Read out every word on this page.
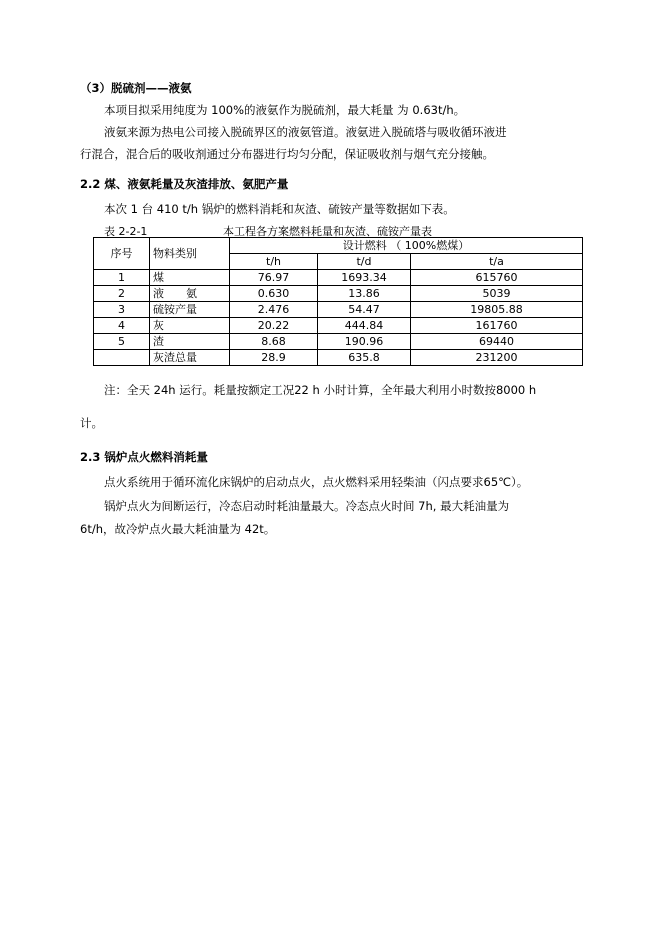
（3）脱硫剂——液氨
本项目拟采用纯度为 100%的液氨作为脱硫剂，最大耗量 为 0.63t/h。
液氨来源为热电公司接入脱硫界区的液氨管道。液氨进入脱硫塔与吸收循环液进
行混合，混合后的吸收剂通过分布器进行均匀分配，保证吸收剂与烟气充分接触。
2.2 煤、液氨耗量及灰渣排放、氨肥产量
本次 1 台 410 t/h 锅炉的燃料消耗和灰渣、硫铵产量等数据如下表。
表 2-2-1	本工程各方案燃料耗量和灰渣、硫铵产量表
序号	物料类别	设计燃料 （ 100%燃煤）		
		t/h	t/d	t/a
1	煤	76.97	1693.34	615760
2	液　　氨	0.630	13.86	5039
3	硫铵产量	2.476	54.47	19805.88
4	灰	20.22	444.84	161760
5	渣	8.68	190.96	69440
	灰渣总量	28.9	635.8	231200
注：全天 24h 运行。耗量按额定工况22 h 小时计算，全年最大利用小时数按8000 h
计。
2.3 锅炉点火燃料消耗量
点火系统用于循环流化床锅炉的启动点火，点火燃料采用轻柴油（闪点要求65℃）。
锅炉点火为间断运行，冷态启动时耗油量最大。冷态点火时间 7h, 最大耗油量为
6t/h，故冷炉点火最大耗油量为 42t。
